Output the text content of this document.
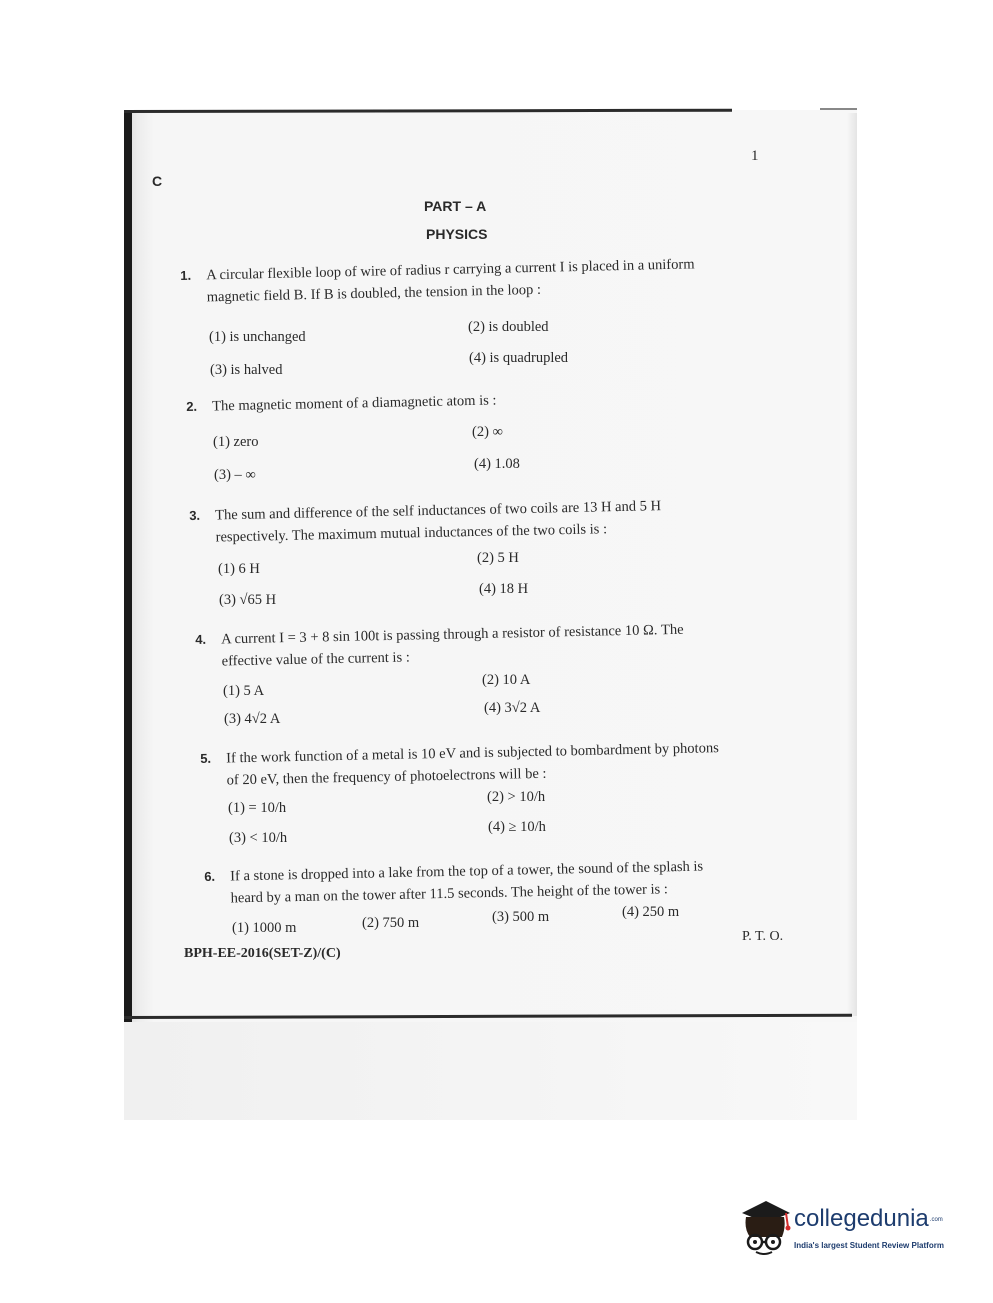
C
1
PART – A
PHYSICS
1. A circular flexible loop of wire of radius r carrying a current I is placed in a uniform
magnetic field B. If B is doubled, the tension in the loop :
(1) is unchanged
(2) is doubled
(3) is halved
(4) is quadrupled
2. The magnetic moment of a diamagnetic atom is :
(1) zero
(2) ∞
(3) – ∞
(4) 1.08
3. The sum and difference of the self inductances of two coils are 13 H and 5 H
respectively. The maximum mutual inductances of the two coils is :
(1) 6 H
(2) 5 H
(3) √65 H
(4) 18 H
4. A current I = 3 + 8 sin 100t is passing through a resistor of resistance 10 Ω. The
effective value of the current is :
(1) 5 A
(2) 10 A
(3) 4√2 A
(4) 3√2 A
5. If the work function of a metal is 10 eV and is subjected to bombardment by photons
of 20 eV, then the frequency of photoelectrons will be :
(1) = 10/h
(2) > 10/h
(3) < 10/h
(4) ≥ 10/h
6. If a stone is dropped into a lake from the top of a tower, the sound of the splash is
heard by a man on the tower after 11.5 seconds. The height of the tower is :
(1) 1000 m	(2) 750 m	(3) 500 m	(4) 250 m
P. T. O.
BPH-EE-2016(SET-Z)/(C)
collegedunia.com
India's largest Student Review Platform
